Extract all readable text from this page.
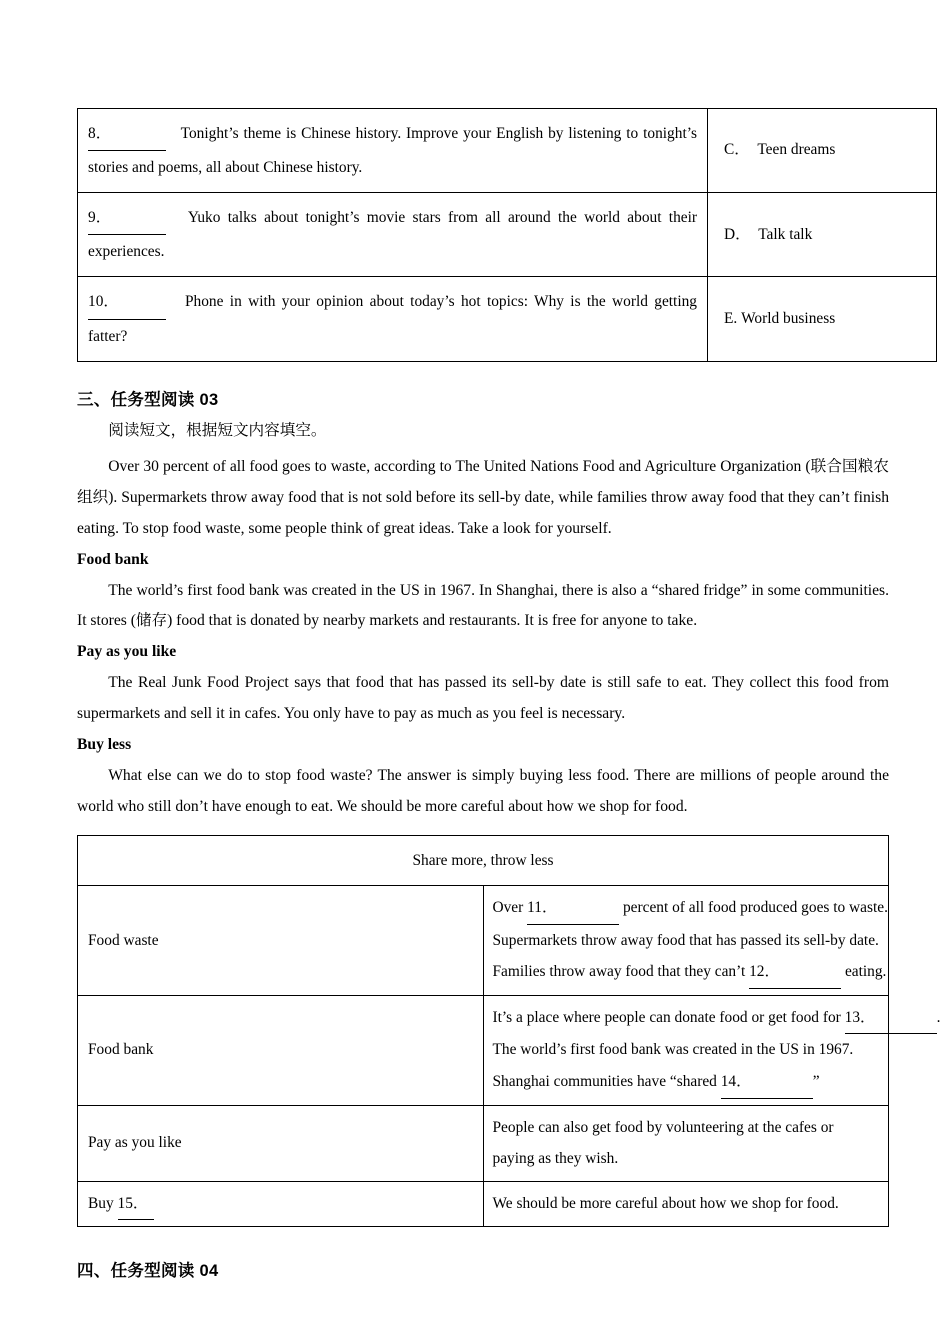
8． Tonight’s theme is Chinese history. Improve your English by listening to tonight’s stories and poems, all about Chinese history.	C． Teen dreams
9． Yuko talks about tonight’s movie stars from all around the world about their experiences.	D． Talk talk
10． Phone in with your opinion about today’s hot topics: Why is the world getting fatter?	E. World business
三、任务型阅读 03
阅读短文，根据短文内容填空。

Over 30 percent of all food goes to waste, according to The United Nations Food and Agriculture Organization (联合国粮农组织). Supermarkets throw away food that is not sold before its sell-by date, while families throw away food that they can’t finish eating. To stop food waste, some people think of great ideas. Take a look for yourself.

Food bank

The world’s first food bank was created in the US in 1967. In Shanghai, there is also a “shared fridge” in some communities. It stores (储存) food that is donated by nearby markets and restaurants. It is free for anyone to take.

Pay as you like

The Real Junk Food Project says that food that has passed its sell-by date is still safe to eat. They collect this food from supermarkets and sell it in cafes. You only have to pay as much as you feel is necessary.

Buy less

What else can we do to stop food waste? The answer is simply buying less food. There are millions of people around the world who still don’t have enough to eat. We should be more careful about how we shop for food.

Share more, throw less	
Food waste	Over 11． percent of all food produced goes to waste.
Supermarkets throw away food that has passed its sell-by date.
Families throw away food that they can’t 12． eating.

Food bank	It’s a place where people can donate food or get food for 13． .
The world’s first food bank was created in the US in 1967.
Shanghai communities have “shared 14． ”

Pay as you like	People can also get food by volunteering at the cafes or paying as they wish.
Buy 15．	We should be more careful about how we shop for food.
四、任务型阅读 04
